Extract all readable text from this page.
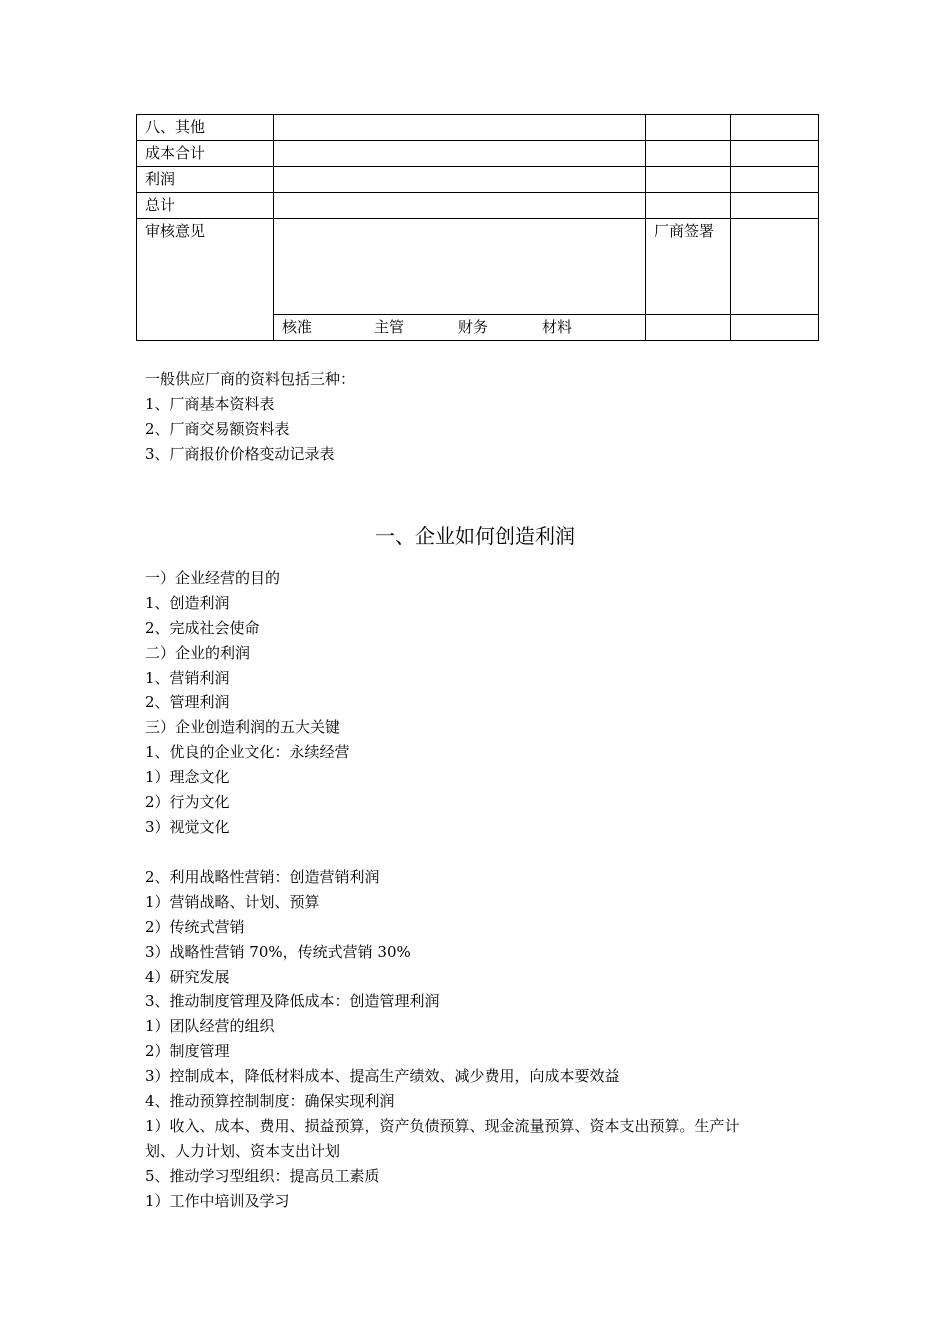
八、其他			
成本合计			
利润			
总计			
审核意见		厂商签署	

	核准 主管 财务 材料		

一般供应厂商的资料包括三种：
1、厂商基本资料表
2、厂商交易额资料表
3、厂商报价价格变动记录表
一、企业如何创造利润
一）企业经营的目的
1、创造利润
2、完成社会使命
二）企业的利润
1、营销利润
2、管理利润
三）企业创造利润的五大关键
1、优良的企业文化：永续经营
1）理念文化
2）行为文化
3）视觉文化
2、利用战略性营销：创造营销利润
1）营销战略、计划、预算
2）传统式营销
3）战略性营销 70%，传统式营销 30%
4）研究发展
3、推动制度管理及降低成本：创造管理利润
1）团队经营的组织
2）制度管理
3）控制成本，降低材料成本、提高生产绩效、减少费用，向成本要效益
4、推动预算控制制度：确保实现利润
1）收入、成本、费用、损益预算，资产负债预算、现金流量预算、资本支出预算。生产计
划、人力计划、资本支出计划
5、推动学习型组织：提高员工素质
1）工作中培训及学习
